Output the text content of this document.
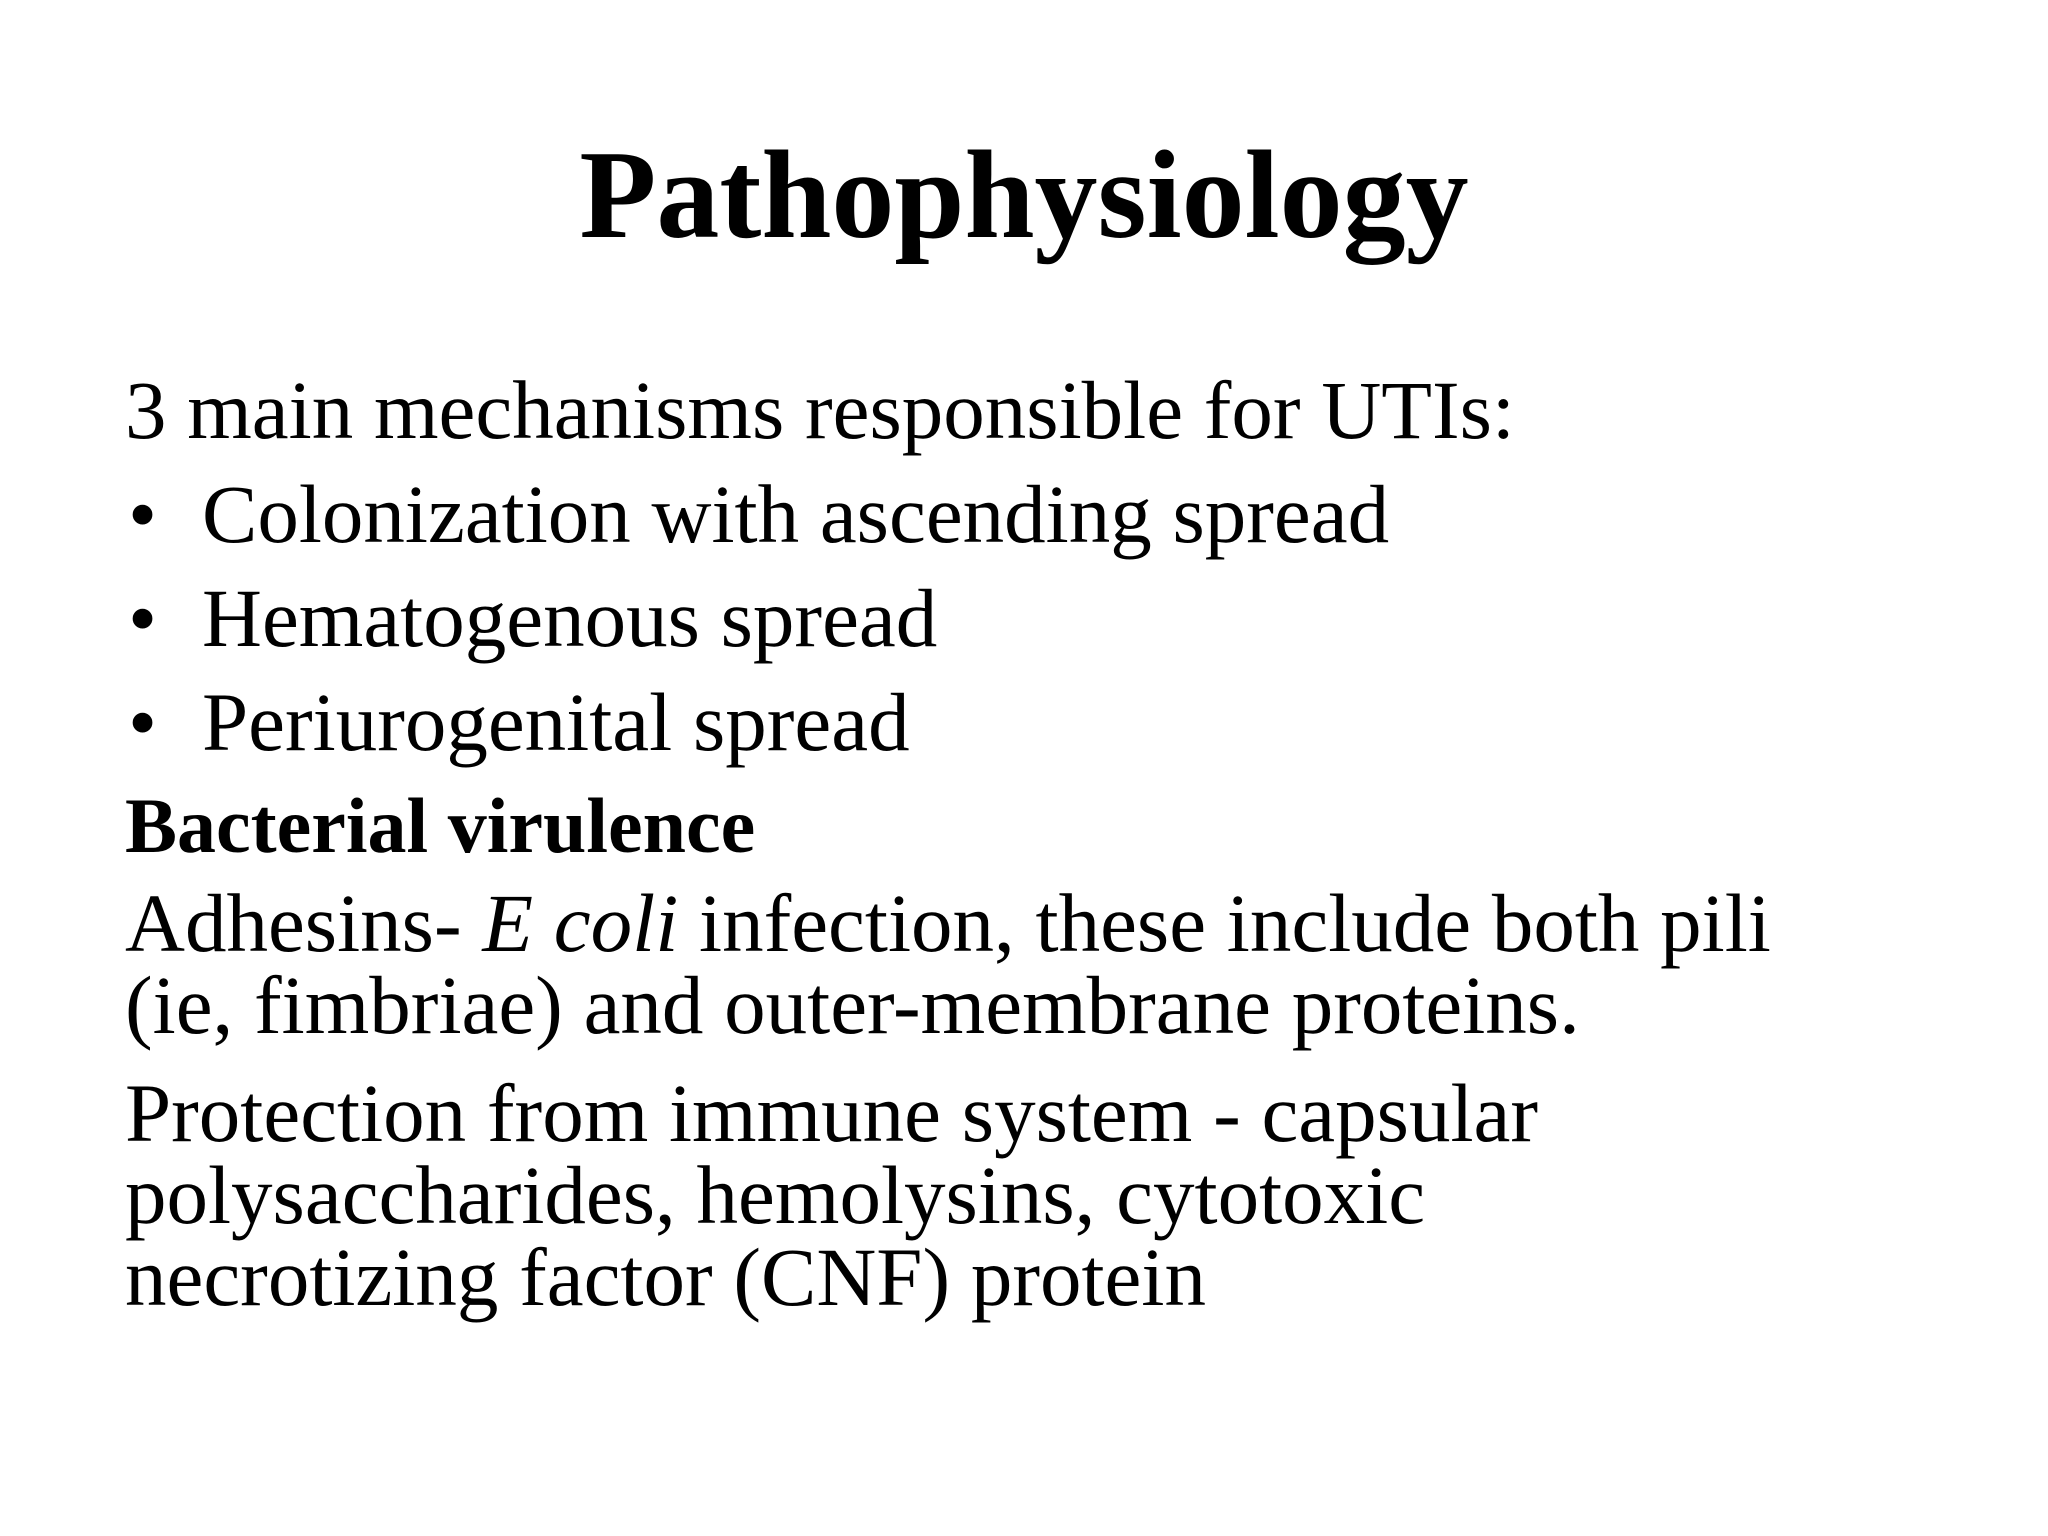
Pathophysiology
3 main mechanisms responsible for UTIs:
• Colonization with ascending spread
• Hematogenous spread
• Periurogenital spread
Bacterial virulence
Adhesins- E coli infection, these include both pili
(ie, fimbriae) and outer-membrane proteins.
Protection from immune system - capsular
polysaccharides, hemolysins, cytotoxic
necrotizing factor (CNF) protein
